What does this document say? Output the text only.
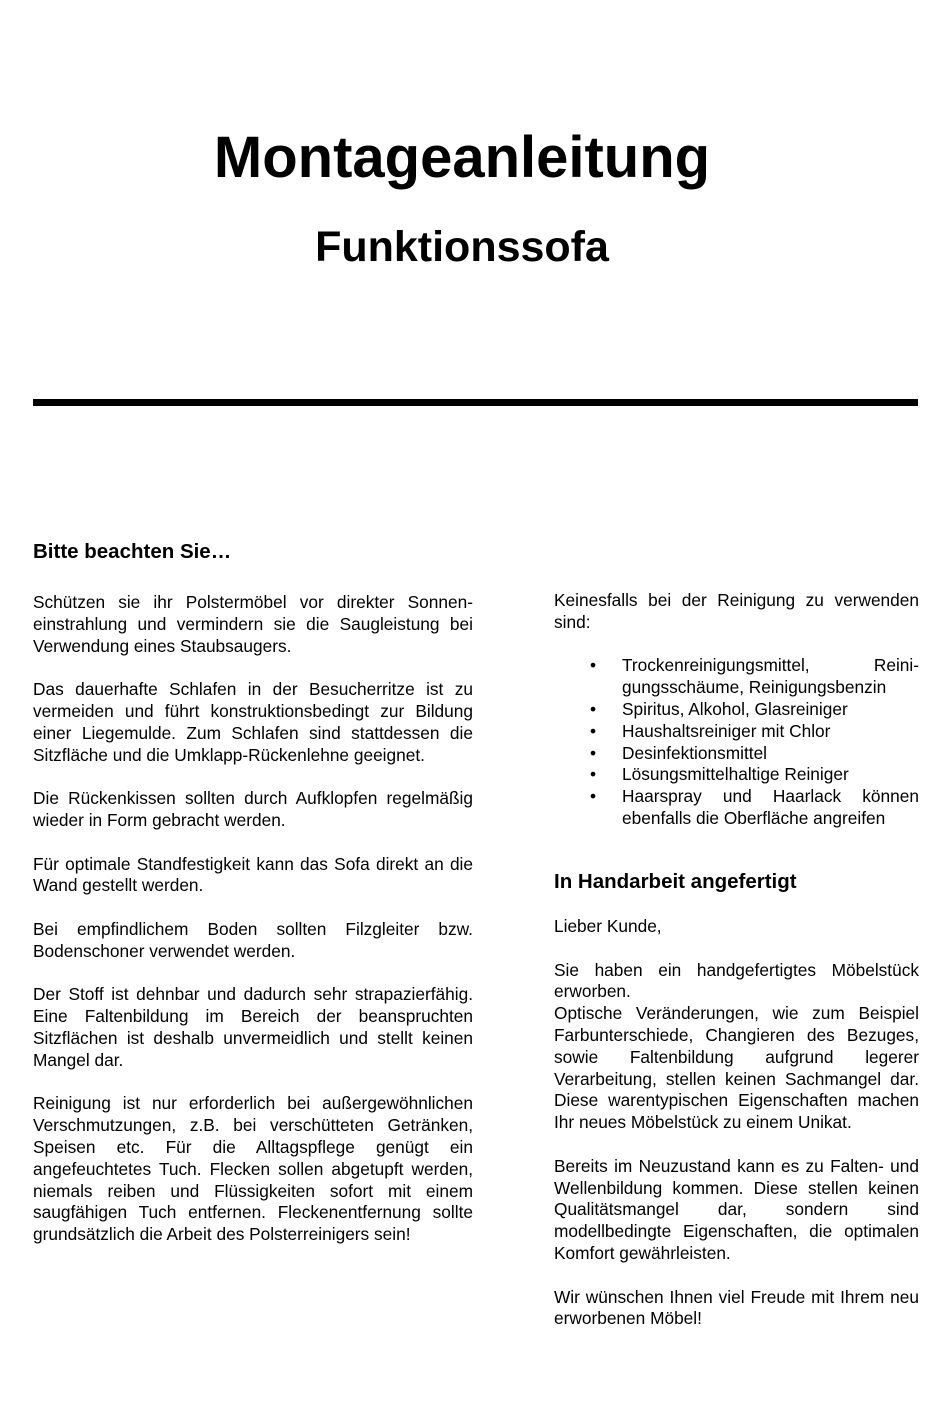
Montageanleitung
Funktionssofa
Bitte beachten Sie…

Schützen sie ihr Polstermöbel vor direkter Sonneneinstrahlung und vermindern sie die Saugleistung bei Verwendung eines Staubsaugers.

Das dauerhafte Schlafen in der Besucherritze ist zu vermeiden und führt konstruktionsbedingt zur Bildung einer Liegemulde. Zum Schlafen sind stattdessen die Sitzfläche und die Umklapp-Rückenlehne geeignet.

Die Rückenkissen sollten durch Aufklopfen regelmäßig wieder in Form gebracht werden.

Für optimale Standfestigkeit kann das Sofa direkt an die Wand gestellt werden.

Bei empfindlichem Boden sollten Filzgleiter bzw. Bodenschoner verwendet werden.

Der Stoff ist dehnbar und dadurch sehr strapazierfähig. Eine Faltenbildung im Bereich der beanspruchten Sitzflächen ist deshalb unvermeidlich und stellt keinen Mangel dar.

Reinigung ist nur erforderlich bei außergewöhnlichen Verschmutzungen, z.B. bei verschütteten Getränken, Speisen etc. Für die Alltagspflege genügt ein angefeuchtetes Tuch. Flecken sollen abgetupft werden, niemals reiben und Flüssigkeiten sofort mit einem saugfähigen Tuch entfernen. Fleckenentfernung sollte grundsätzlich die Arbeit des Polsterreinigers sein!

Keinesfalls bei der Reinigung zu verwenden sind:

• Trockenreinigungsmittel, Reinigungsschäume, Reinigungsbenzin
• Spiritus, Alkohol, Glasreiniger
• Haushaltsreiniger mit Chlor
• Desinfektionsmittel
• Lösungsmittelhaltige Reiniger
• Haarspray und Haarlack können ebenfalls die Oberfläche angreifen
In Handarbeit angefertigt

Lieber Kunde,

Sie haben ein handgefertigtes Möbelstück erworben.
Optische Veränderungen, wie zum Beispiel Farbunterschiede, Changieren des Bezuges, sowie Faltenbildung aufgrund legerer Verarbeitung, stellen keinen Sachmangel dar. Diese warentypischen Eigenschaften machen Ihr neues Möbelstück zu einem Unikat.

Bereits im Neuzustand kann es zu Falten- und Wellenbildung kommen. Diese stellen keinen Qualitätsmangel dar, sondern sind modellbedingte Eigenschaften, die optimalen Komfort gewährleisten.

Wir wünschen Ihnen viel Freude mit Ihrem neu erworbenen Möbel!
